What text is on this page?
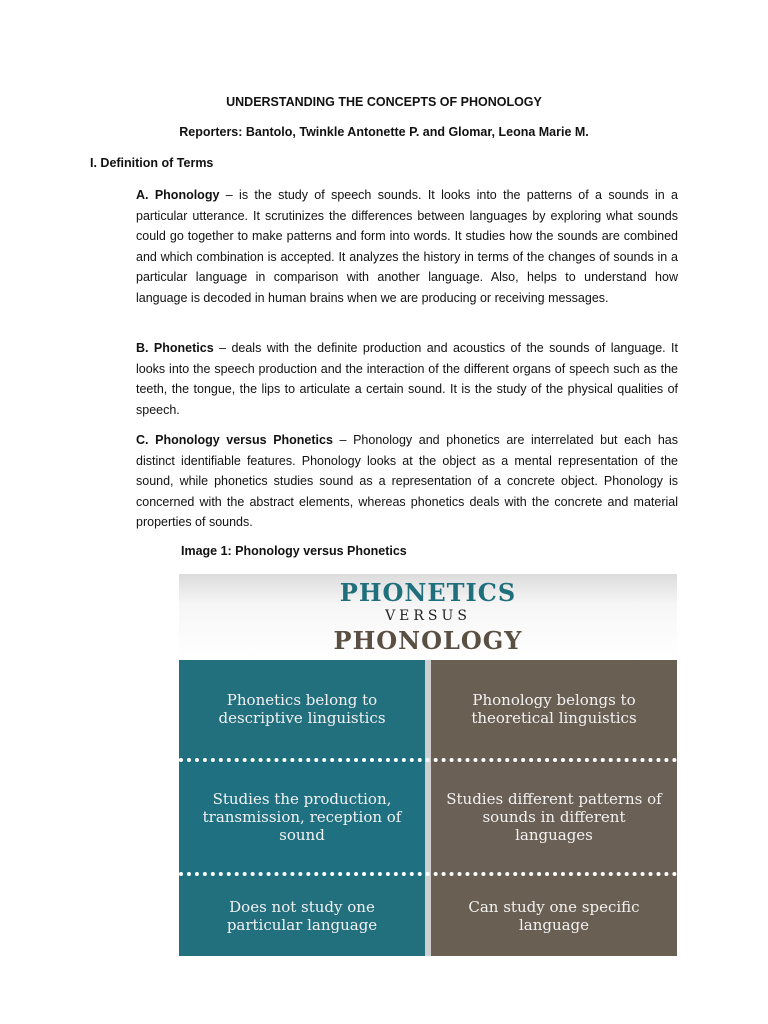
UNDERSTANDING THE CONCEPTS OF PHONOLOGY
Reporters: Bantolo, Twinkle Antonette P. and Glomar, Leona Marie M.
I. Definition of Terms
A. Phonology – is the study of speech sounds. It looks into the patterns of a sounds in a particular utterance. It scrutinizes the differences between languages by exploring what sounds could go together to make patterns and form into words. It studies how the sounds are combined and which combination is accepted. It analyzes the history in terms of the changes of sounds in a particular language in comparison with another language. Also, helps to understand how language is decoded in human brains when we are producing or receiving messages.
B. Phonetics – deals with the definite production and acoustics of the sounds of language. It looks into the speech production and the interaction of the different organs of speech such as the teeth, the tongue, the lips to articulate a certain sound. It is the study of the physical qualities of speech.
C. Phonology versus Phonetics – Phonology and phonetics are interrelated but each has distinct identifiable features. Phonology looks at the object as a mental representation of the sound, while phonetics studies sound as a representation of a concrete object. Phonology is concerned with the abstract elements, whereas phonetics deals with the concrete and material properties of sounds.
Image 1: Phonology versus Phonetics
PHONETICS
VERSUS
PHONOLOGY
Phonetics belong to descriptive linguistics
Studies the production, transmission, reception of sound
Does not study one particular language
Phonology belongs to theoretical linguistics
Studies different patterns of sounds in different languages
Can study one specific language
